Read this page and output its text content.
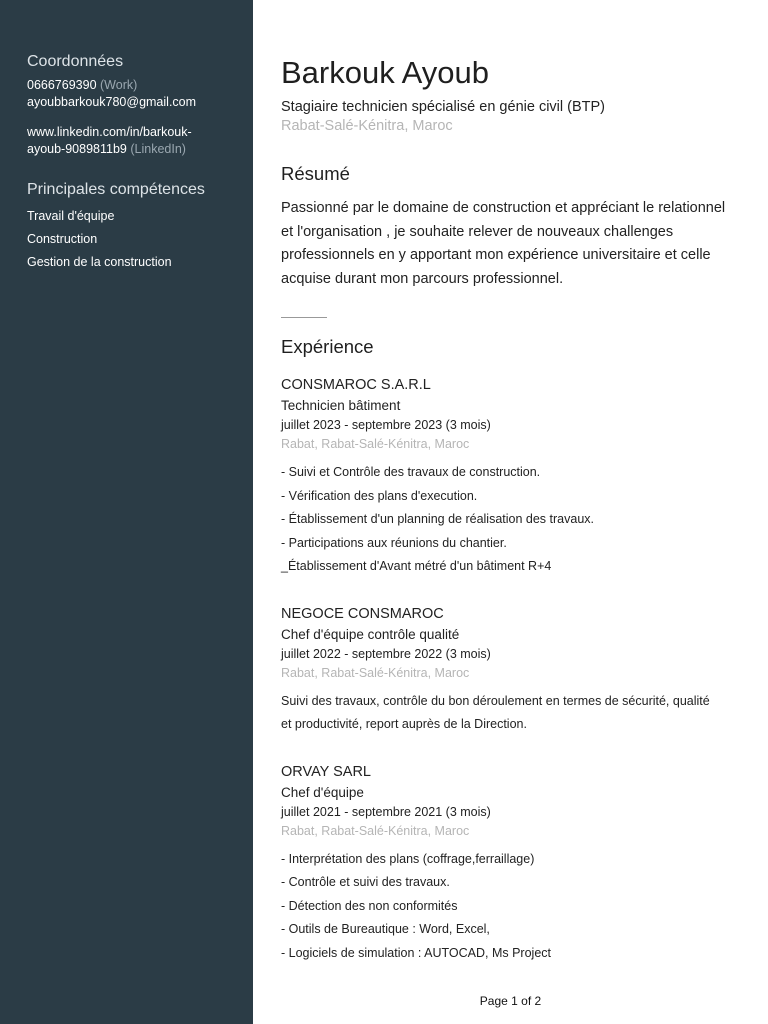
Coordonnées
0666769390 (Work)
ayoubbarkouk780@gmail.com
www.linkedin.com/in/barkouk-
ayoub-9089811b9 (LinkedIn)
Principales compétences
Travail d'équipe
Construction
Gestion de la construction
Barkouk Ayoub
Stagiaire technicien spécialisé en génie civil (BTP)
Rabat-Salé-Kénitra, Maroc
Résumé
Passionné par le domaine de construction et appréciant le relationnel et l'organisation , je souhaite relever de nouveaux challenges professionnels en y apportant mon expérience universitaire et celle acquise durant mon parcours professionnel.
Expérience
CONSMAROC S.A.R.L
Technicien bâtiment
juillet 2023 - septembre 2023 (3 mois)
Rabat, Rabat-Salé-Kénitra, Maroc
- Suivi et Contrôle des travaux de construction.
- Vérification des plans d'execution.
- Établissement d'un planning de réalisation des travaux.
- Participations aux réunions du chantier.
_Établissement d'Avant métré d'un bâtiment R+4
NEGOCE CONSMAROC
Chef d'équipe contrôle qualité
juillet 2022 - septembre 2022 (3 mois)
Rabat, Rabat-Salé-Kénitra, Maroc
Suivi des travaux, contrôle du bon déroulement en termes de sécurité, qualité
et productivité, report auprès de la Direction.
ORVAY SARL
Chef d'équipe
juillet 2021 - septembre 2021 (3 mois)
Rabat, Rabat-Salé-Kénitra, Maroc
- Interprétation des plans (coffrage,ferraillage)
- Contrôle et suivi des travaux.
- Détection des non conformités
- Outils de Bureautique : Word, Excel,
- Logiciels de simulation : AUTOCAD, Ms Project
Page 1 of 2
